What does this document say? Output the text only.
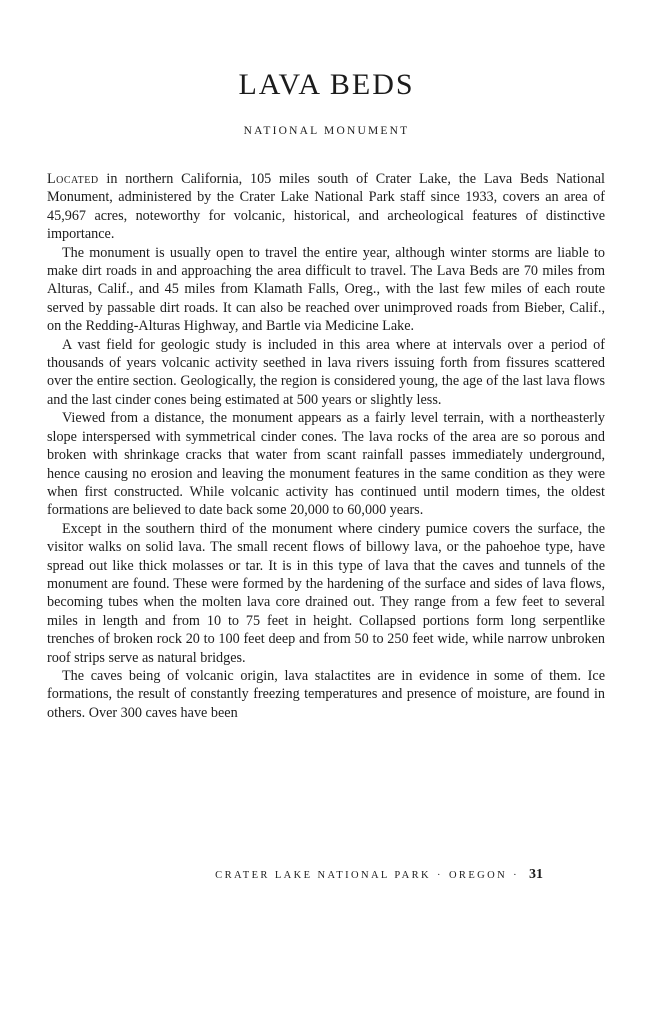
LAVA BEDS
NATIONAL MONUMENT

Located in northern California, 105 miles south of Crater Lake, the Lava Beds National Monument, administered by the Crater Lake National Park staff since 1933, covers an area of 45,967 acres, noteworthy for volcanic, historical, and archeological features of distinctive importance.

The monument is usually open to travel the entire year, although winter storms are liable to make dirt roads in and approaching the area difficult to travel. The Lava Beds are 70 miles from Alturas, Calif., and 45 miles from Klamath Falls, Oreg., with the last few miles of each route served by passable dirt roads. It can also be reached over unimproved roads from Bieber, Calif., on the Redding-Alturas Highway, and Bartle via Medicine Lake.

A vast field for geologic study is included in this area where at intervals over a period of thousands of years volcanic activity seethed in lava rivers issuing forth from fissures scattered over the entire section. Geologically, the region is considered young, the age of the last lava flows and the last cinder cones being estimated at 500 years or slightly less.

Viewed from a distance, the monument appears as a fairly level terrain, with a northeasterly slope interspersed with symmetrical cinder cones. The lava rocks of the area are so porous and broken with shrinkage cracks that water from scant rainfall passes immediately underground, hence causing no erosion and leaving the monument features in the same condition as they were when first constructed. While volcanic activity has continued until modern times, the oldest formations are believed to date back some 20,000 to 60,000 years.

Except in the southern third of the monument where cindery pumice covers the surface, the visitor walks on solid lava. The small recent flows of billowy lava, or the pahoehoe type, have spread out like thick molasses or tar. It is in this type of lava that the caves and tunnels of the monument are found. These were formed by the hardening of the surface and sides of lava flows, becoming tubes when the molten lava core drained out. They range from a few feet to several miles in length and from 10 to 75 feet in height. Collapsed portions form long serpentlike trenches of broken rock 20 to 100 feet deep and from 50 to 250 feet wide, while narrow unbroken roof strips serve as natural bridges.

The caves being of volcanic origin, lava stalactites are in evidence in some of them. Ice formations, the result of constantly freezing temperatures and presence of moisture, are found in others. Over 300 caves have been

CRATER LAKE NATIONAL PARK · OREGON · 31
